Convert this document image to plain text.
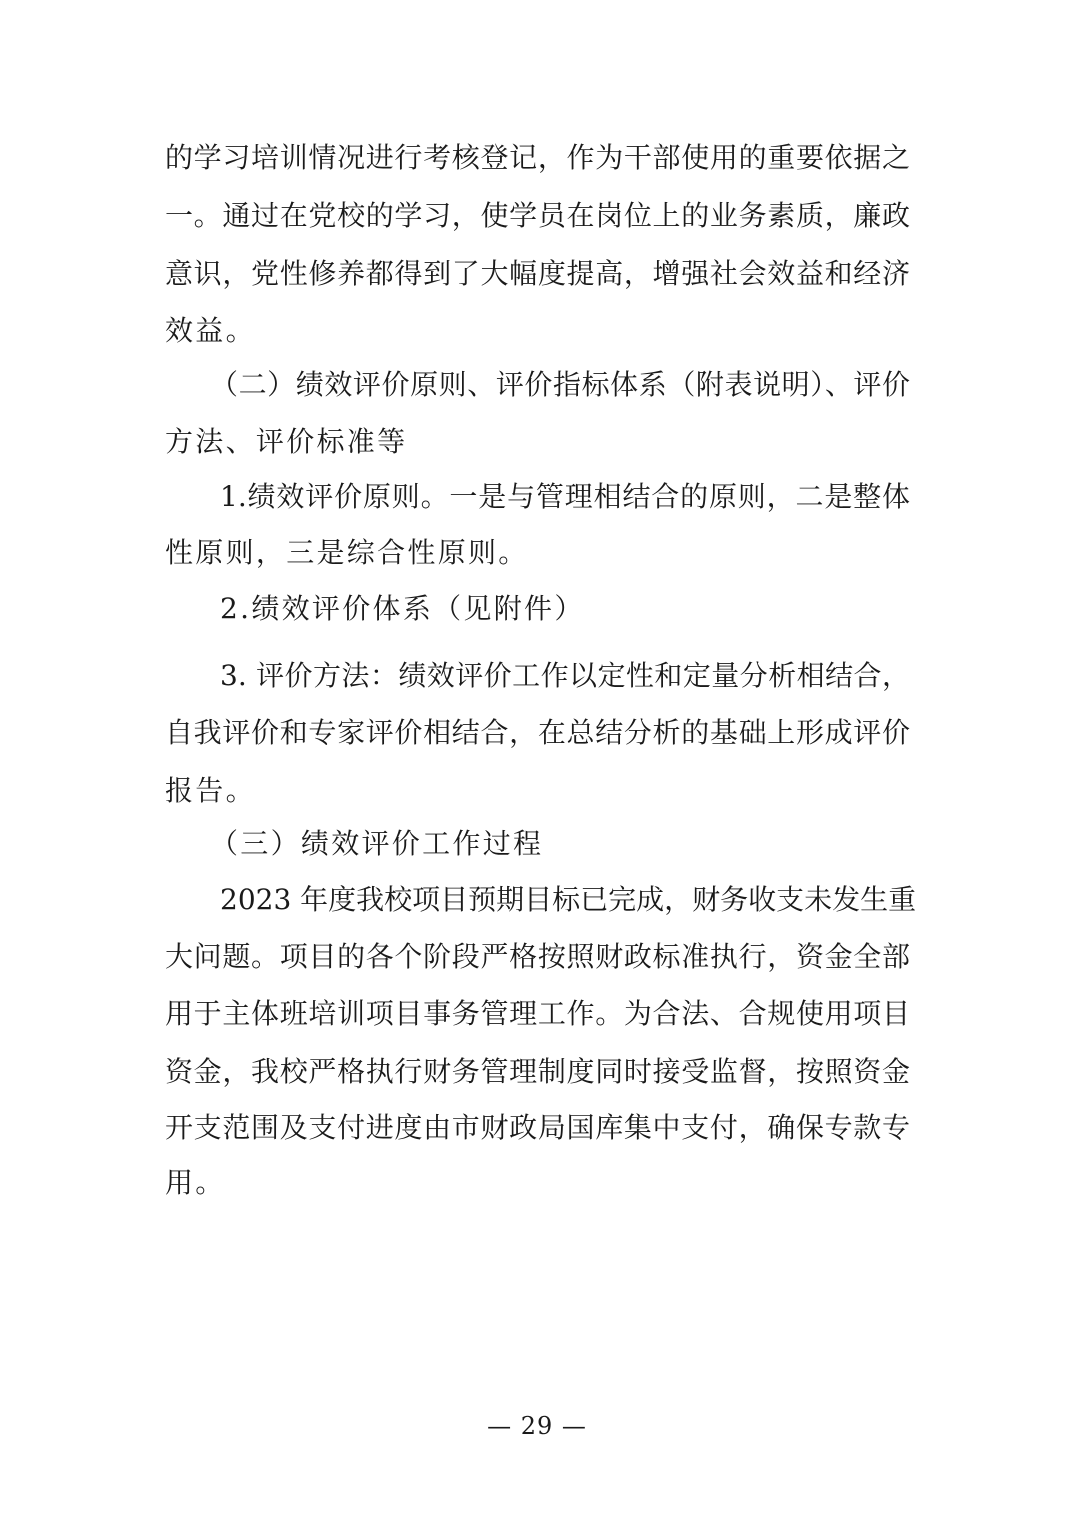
的学习培训情况进行考核登记，作为干部使用的重要依据之
一。通过在党校的学习，使学员在岗位上的业务素质，廉政
意识，党性修养都得到了大幅度提高，增强社会效益和经济
效益。
（二）绩效评价原则、评价指标体系（附表说明）、评价
方法、评价标准等
1.绩效评价原则。一是与管理相结合的原则，二是整体
性原则，三是综合性原则。
2.绩效评价体系（见附件）
3. 评价方法：绩效评价工作以定性和定量分析相结合，
自我评价和专家评价相结合，在总结分析的基础上形成评价
报告。
（三）绩效评价工作过程
2023 年度我校项目预期目标已完成，财务收支未发生重
大问题。项目的各个阶段严格按照财政标准执行，资金全部
用于主体班培训项目事务管理工作。为合法、合规使用项目
资金，我校严格执行财务管理制度同时接受监督，按照资金
开支范围及支付进度由市财政局国库集中支付，确保专款专
用。
— 29 —
